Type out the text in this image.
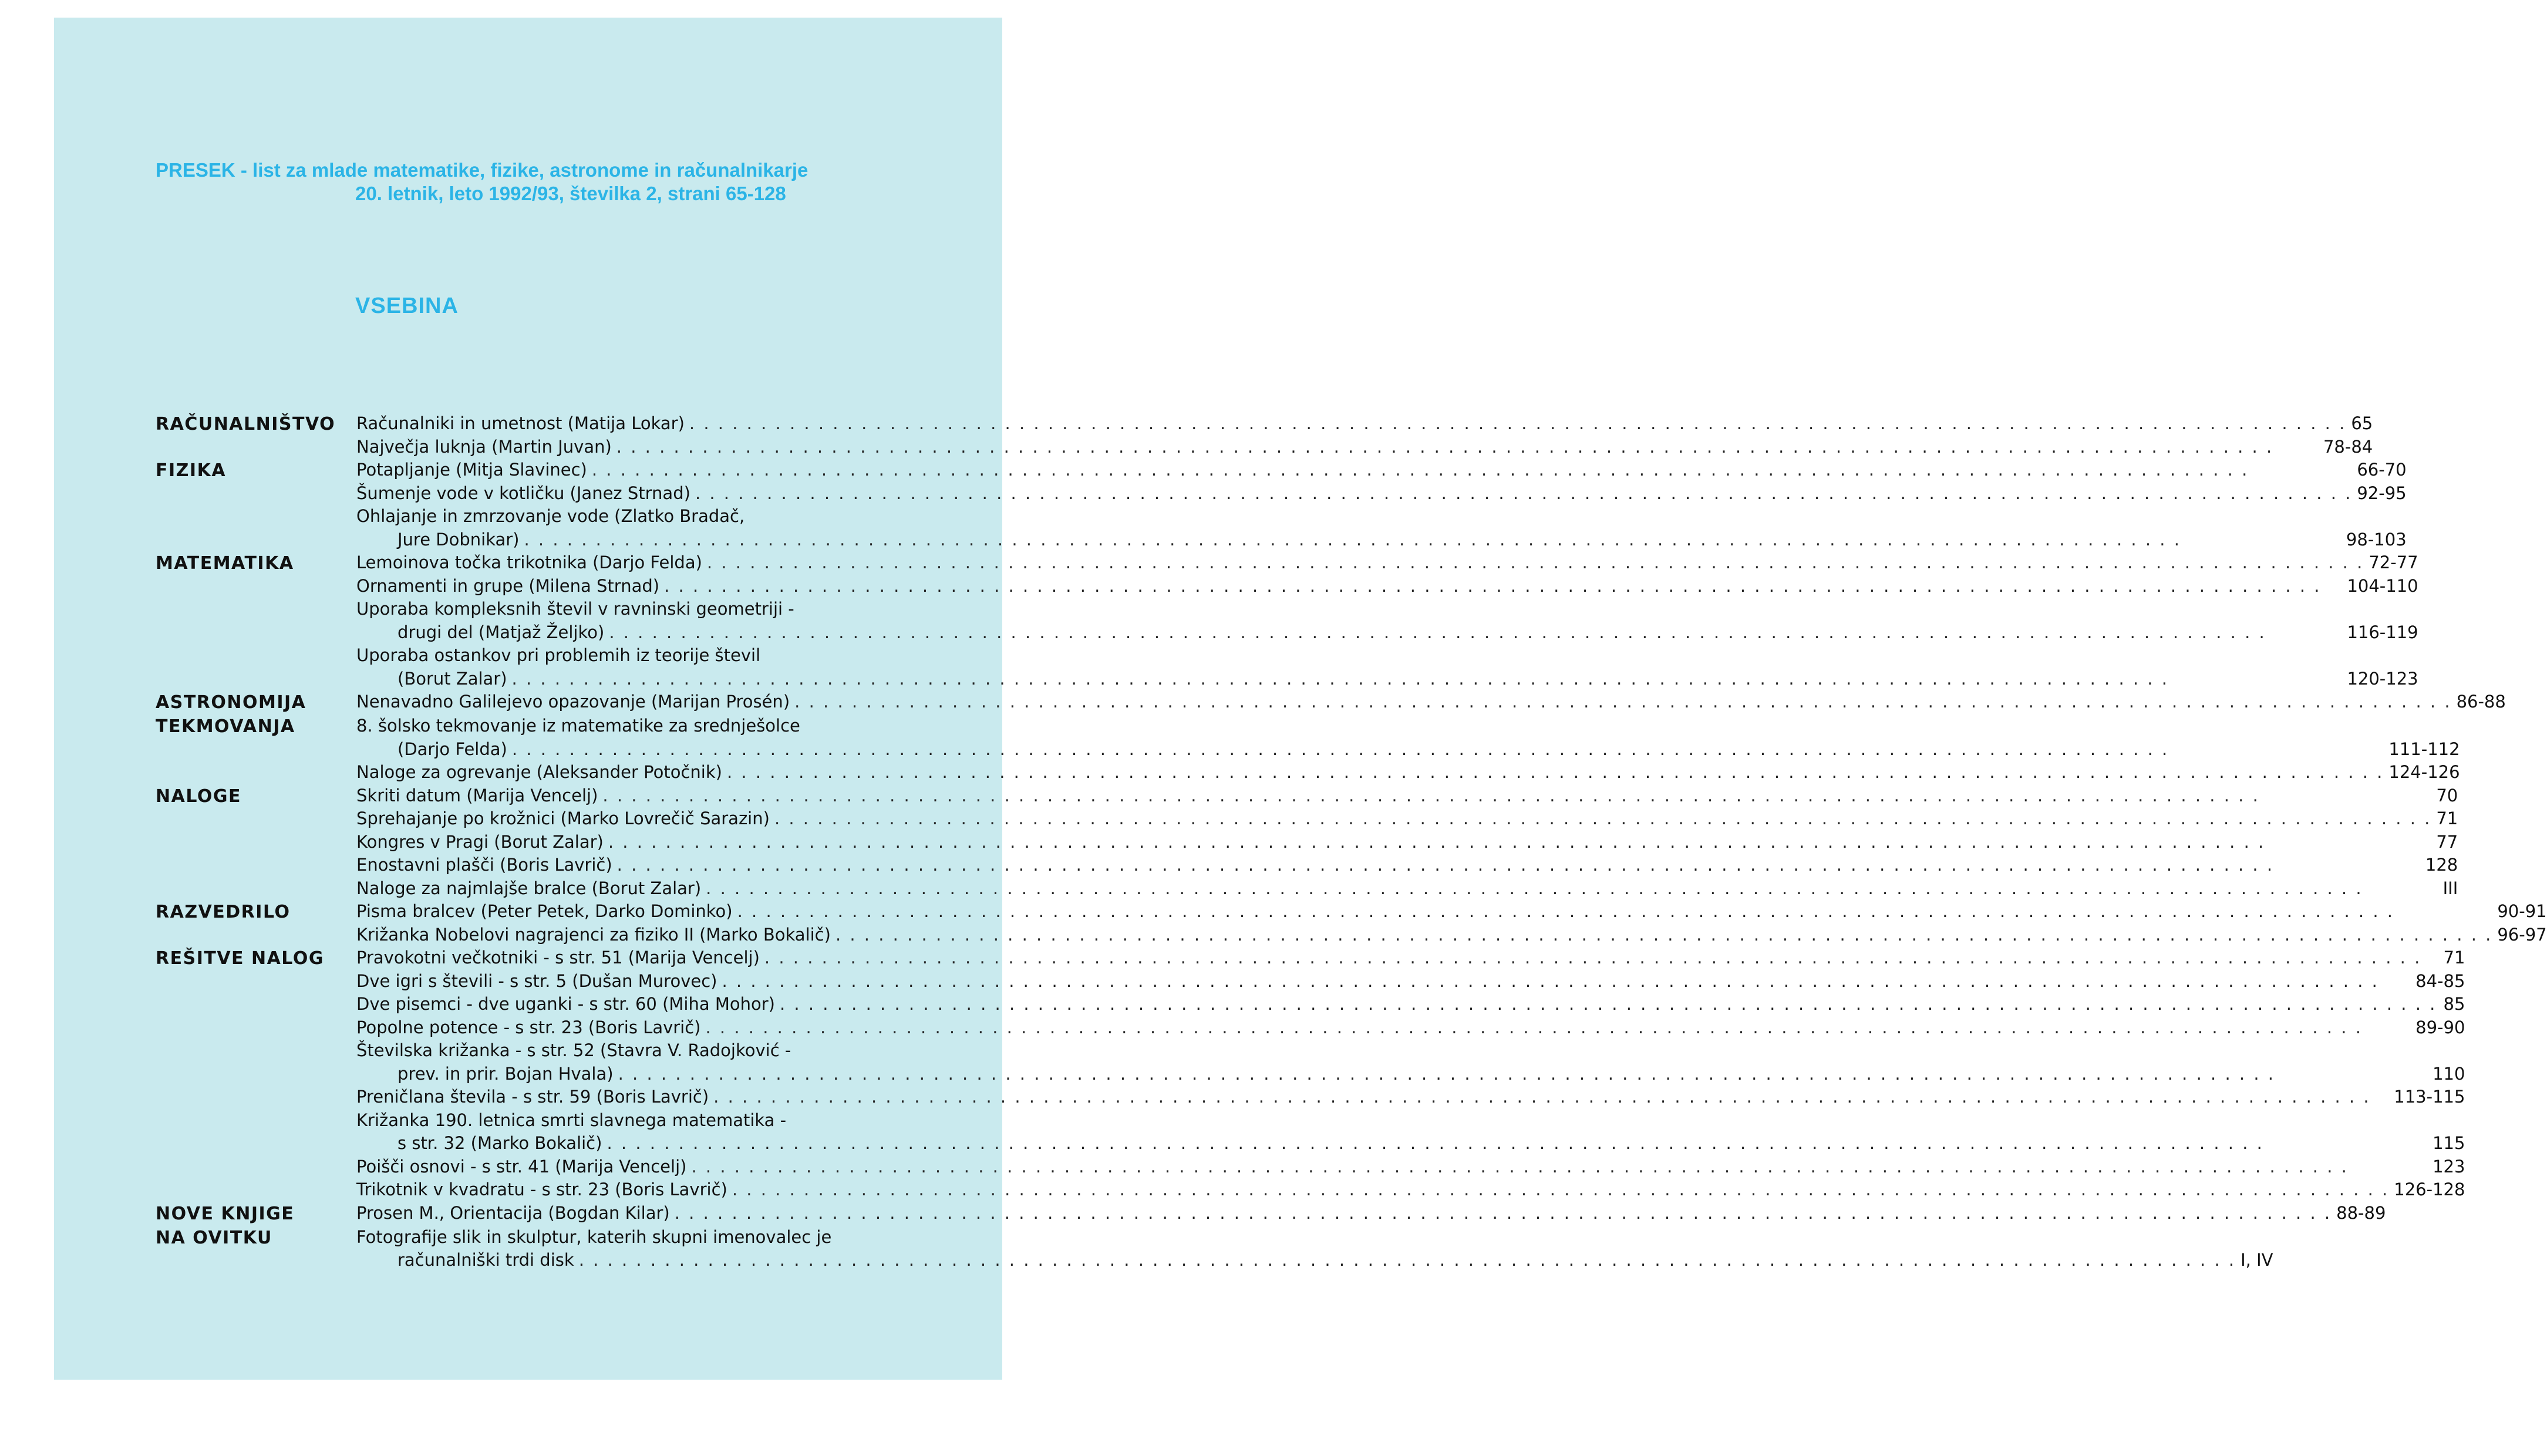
PRESEK - list za mlade matematike, fizike, astronome in računalnikarje
20. letnik, leto 1992/93, številka 2, strani 65-128
VSEBINA
RAČUNALNIŠTVO	Računalniki in umetnost (Matija Lokar) . . .	65
Največja luknja (Martin Juvan) . . .	78-84
FIZIKA	Potapljanje (Mitja Slavinec) . . .	66-70
Šumenje vode v kotličku (Janez Strnad) . . .	92-95
Ohlajanje in zmrzovanje vode (Zlatko Bradač,
Jure Dobnikar) . . .	98-103
MATEMATIKA	Lemoinova točka trikotnika (Darjo Felda) . . .	72-77
Ornamenti in grupe (Milena Strnad) . . .	104-110
Uporaba kompleksnih števil v ravninski geometriji -
drugi del (Matjaž Željko) . . .	116-119
Uporaba ostankov pri problemih iz teorije števil
(Borut Zalar) . . .	120-123
ASTRONOMIJA	Nenavadno Galilejevo opazovanje (Marijan Prosén) . . .	86-88
TEKMOVANJA	8. šolsko tekmovanje iz matematike za srednješolce
(Darjo Felda) . . .	111-112
Naloge za ogrevanje (Aleksander Potočnik) . . .	124-126
NALOGE	Skriti datum (Marija Vencelj) . . .	70
Sprehajanje po krožnici (Marko Lovrečič Sarazin) . . .	71
Kongres v Pragi (Borut Zalar) . . .	77
Enostavni plašči (Boris Lavrič) . . .	128
Naloge za najmlajše bralce (Borut Zalar) . . .	III
RAZVEDRILO	Pisma bralcev (Peter Petek, Darko Dominko) . . .	90-91
Križanka Nobelovi nagrajenci za fiziko II (Marko Bokalič) . . .	96-97
REŠITVE NALOG	Pravokotni večkotniki - s str. 51 (Marija Vencelj) . . .	71
Dve igri s števili - s str. 5 (Dušan Murovec) . . .	84-85
Dve pisemci - dve uganki - s str. 60 (Miha Mohor) . . .	85
Popolne potence - s str. 23 (Boris Lavrič) . . .	89-90
Številska križanka - s str. 52 (Stavra V. Radojković -
prev. in prir. Bojan Hvala) . . .	110
Preničlana števila - s str. 59 (Boris Lavrič) . . .	113-115
Križanka 190. letnica smrti slavnega matematika -
s str. 32 (Marko Bokalič) . . .	115
Poišči osnovi - s str. 41 (Marija Vencelj) . . .	123
Trikotnik v kvadratu - s str. 23 (Boris Lavrič) . . .	126-128
NOVE KNJIGE	Prosen M., Orientacija (Bogdan Kilar) . . .	88-89
NA OVITKU	Fotografije slik in skulptur, katerih skupni imenovalec je
računalniški trdi disk . . .	I, IV
